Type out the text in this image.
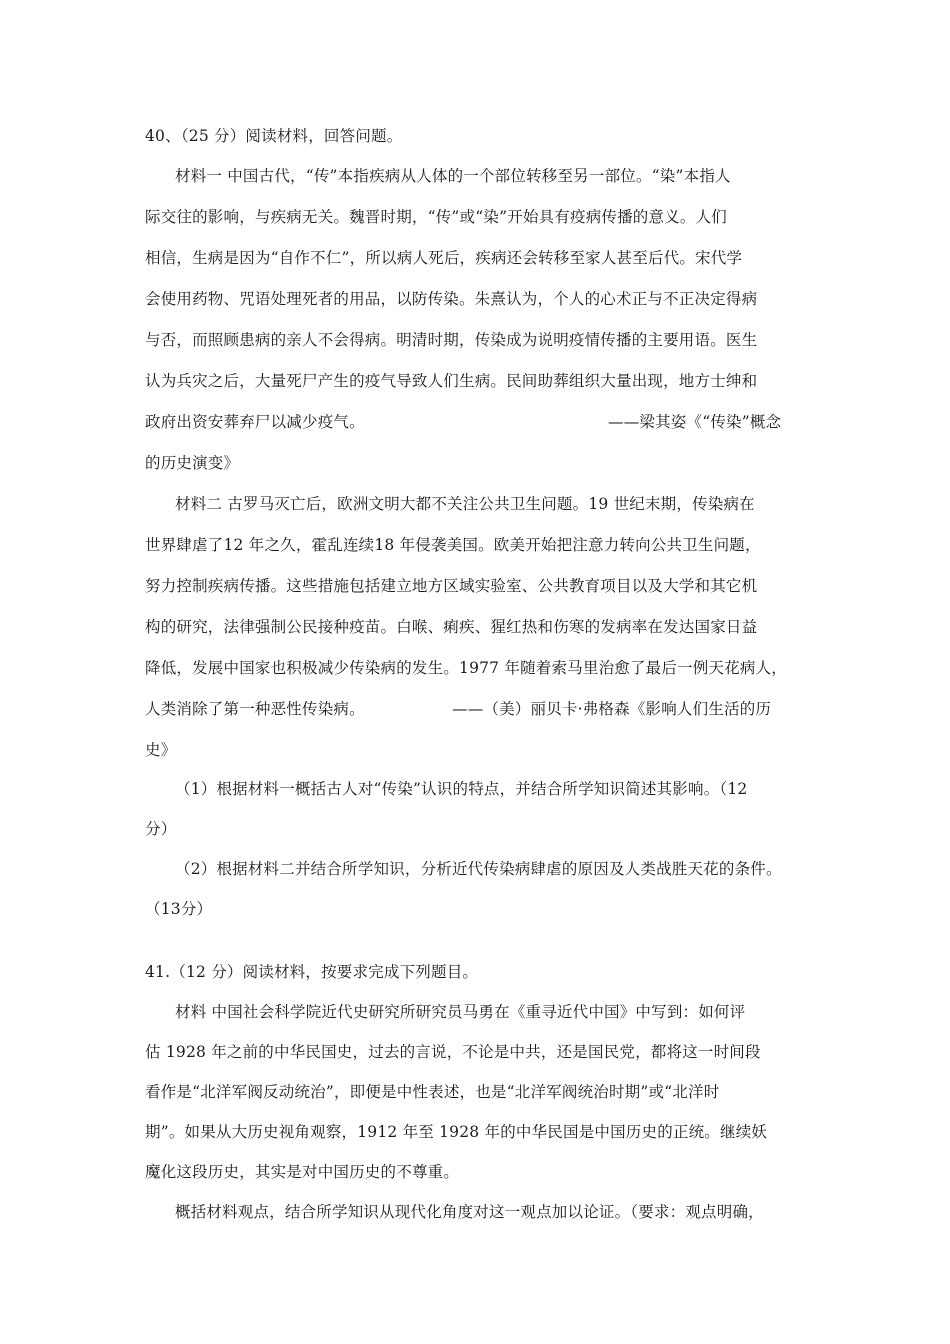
40、（25 分）阅读材料，回答问题。
材料一 中国古代，“传”本指疾病从人体的一个部位转移至另一部位。“染”本指人
际交往的影响，与疾病无关。魏晋时期，“传”或“染”开始具有疫病传播的意义。人们
相信，生病是因为“自作不仁”，所以病人死后，疾病还会转移至家人甚至后代。宋代学
会使用药物、咒语处理死者的用品，以防传染。朱熹认为，个人的心术正与不正决定得病
与否，而照顾患病的亲人不会得病。明清时期，传染成为说明疫情传播的主要用语。医生
认为兵灾之后，大量死尸产生的疫气导致人们生病。民间助葬组织大量出现，地方士绅和
政府出资安葬弃尸以减少疫气。	——梁其姿《“传染”概念
的历史演变》
材料二 古罗马灭亡后，欧洲文明大都不关注公共卫生问题。19 世纪末期，传染病在
世界肆虐了12 年之久，霍乱连续18 年侵袭美国。欧美开始把注意力转向公共卫生问题，
努力控制疾病传播。这些措施包括建立地方区域实验室、公共教育项目以及大学和其它机
构的研究，法律强制公民接种疫苗。白喉、痢疾、猩红热和伤寒的发病率在发达国家日益
降低，发展中国家也积极减少传染病的发生。1977 年随着索马里治愈了最后一例天花病人，
人类消除了第一种恶性传染病。	——（美）丽贝卡·弗格森《影响人们生活的历
史》
（1）根据材料一概括古人对“传染”认识的特点，并结合所学知识简述其影响。（12
分）
（2）根据材料二并结合所学知识，分析近代传染病肆虐的原因及人类战胜天花的条件。
（13分）
41.（12 分）阅读材料，按要求完成下列题目。
材料 中国社会科学院近代史研究所研究员马勇在《重寻近代中国》中写到：如何评
估 1928 年之前的中华民国史，过去的言说，不论是中共，还是国民党，都将这一时间段
看作是“北洋军阀反动统治”，即便是中性表述，也是“北洋军阀统治时期”或“北洋时
期”。如果从大历史视角观察，1912 年至 1928 年的中华民国是中国历史的正统。继续妖
魔化这段历史，其实是对中国历史的不尊重。
概括材料观点，结合所学知识从现代化角度对这一观点加以论证。（要求：观点明确，
